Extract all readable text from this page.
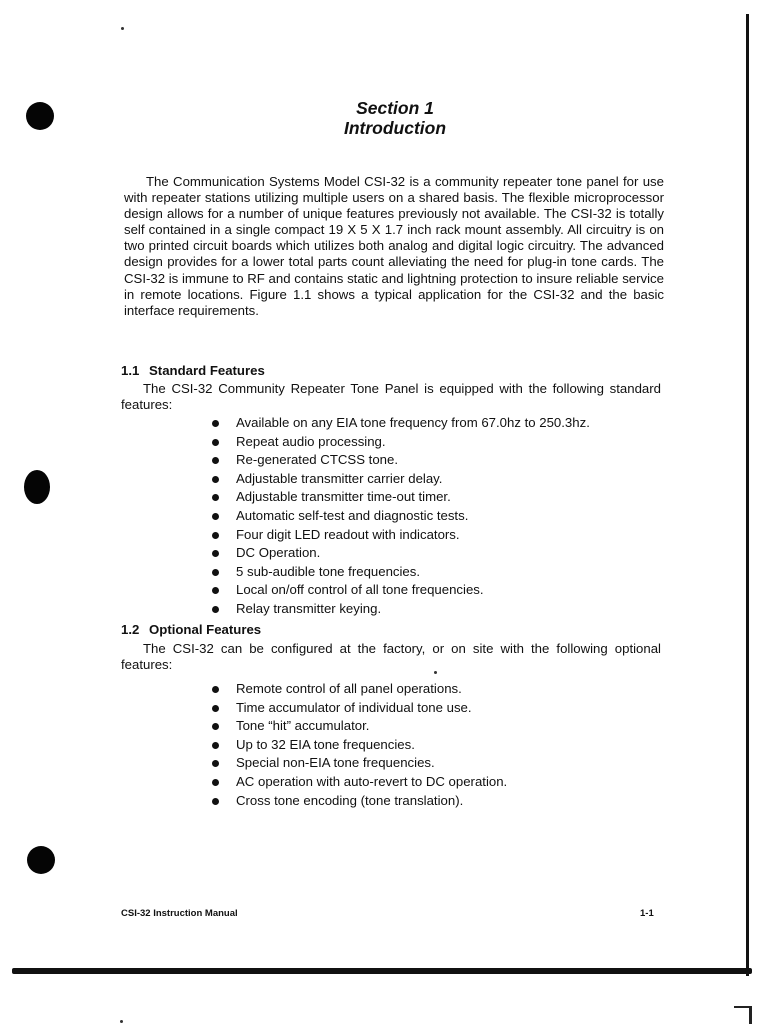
Section 1
Introduction

The Communication Systems Model CSI-32 is a community repeater tone panel for use with repeater stations utilizing multiple users on a shared basis. The flexible microprocessor design allows for a number of unique features previously not available. The CSI-32 is totally self contained in a single compact 19 X 5 X 1.7 inch rack mount assembly. All circuitry is on two printed circuit boards which utilizes both analog and digital logic circuitry. The advanced design provides for a lower total parts count alleviating the need for plug-in tone cards. The CSI-32 is immune to RF and contains static and lightning protection to insure reliable service in remote locations. Figure 1.1 shows a typical application for the CSI-32 and the basic interface requirements.

1.1 Standard Features

The CSI-32 Community Repeater Tone Panel is equipped with the following standard features:

Available on any EIA tone frequency from 67.0hz to 250.3hz.
Repeat audio processing.
Re-generated CTCSS tone.
Adjustable transmitter carrier delay.
Adjustable transmitter time-out timer.
Automatic self-test and diagnostic tests.
Four digit LED readout with indicators.
DC Operation.
5 sub-audible tone frequencies.
Local on/off control of all tone frequencies.
Relay transmitter keying.
1.2 Optional Features

The CSI-32 can be configured at the factory, or on site with the following optional features:

Remote control of all panel operations.
Time accumulator of individual tone use.
Tone “hit” accumulator.
Up to 32 EIA tone frequencies.
Special non-EIA tone frequencies.
AC operation with auto-revert to DC operation.
Cross tone encoding (tone translation).
CSI-32 Instruction Manual	1-1
